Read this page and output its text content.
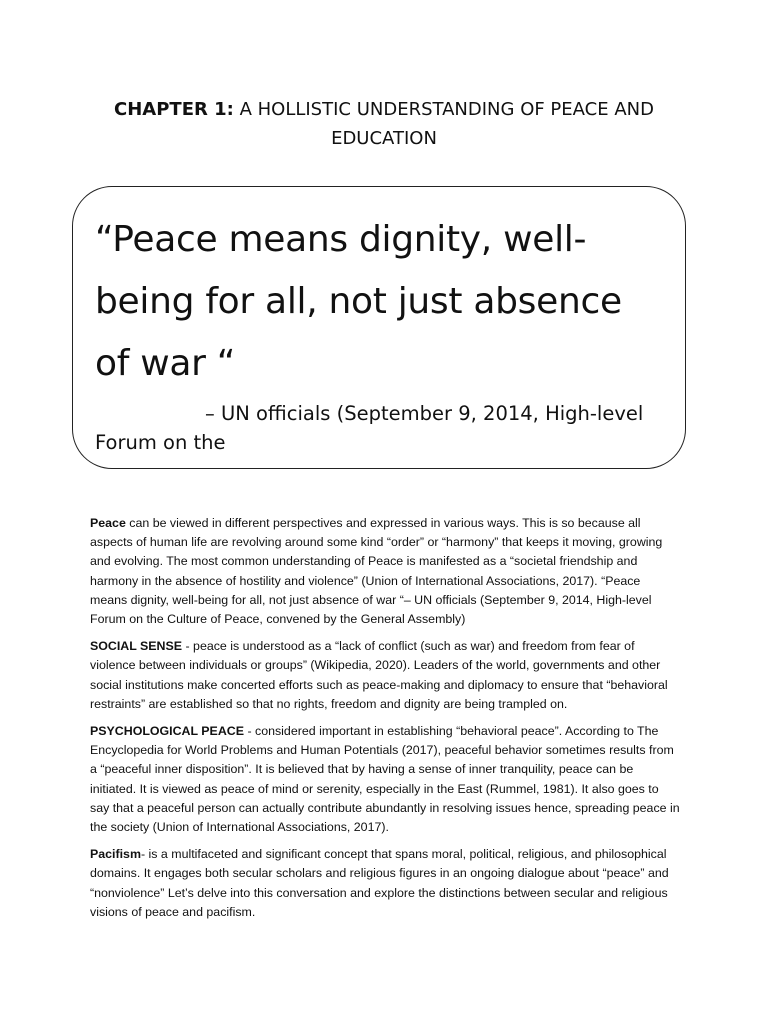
CHAPTER 1: A HOLLISTIC UNDERSTANDING OF PEACE AND EDUCATION
“Peace means dignity, well-being for all, not just absence of war “
– UN officials (September 9, 2014, High-level Forum on the

Peace can be viewed in different perspectives and expressed in various ways. This is so because all aspects of human life are revolving around some kind “order” or “harmony” that keeps it moving, growing and evolving. The most common understanding of Peace is manifested as a “societal friendship and harmony in the absence of hostility and violence” (Union of International Associations, 2017). “Peace means dignity, well-being for all, not just absence of war “– UN officials (September 9, 2014, High-level Forum on the Culture of Peace, convened by the General Assembly)

SOCIAL SENSE - peace is understood as a “lack of conflict (such as war) and freedom from fear of violence between individuals or groups” (Wikipedia, 2020). Leaders of the world, governments and other social institutions make concerted efforts such as peace-making and diplomacy to ensure that “behavioral restraints” are established so that no rights, freedom and dignity are being trampled on.

PSYCHOLOGICAL PEACE - considered important in establishing “behavioral peace”. According to The Encyclopedia for World Problems and Human Potentials (2017), peaceful behavior sometimes results from a “peaceful inner disposition”. It is believed that by having a sense of inner tranquility, peace can be initiated. It is viewed as peace of mind or serenity, especially in the East (Rummel, 1981). It also goes to say that a peaceful person can actually contribute abundantly in resolving issues hence, spreading peace in the society (Union of International Associations, 2017).

Pacifism- is a multifaceted and significant concept that spans moral, political, religious, and philosophical domains. It engages both secular scholars and religious figures in an ongoing dialogue about “peace” and “nonviolence” Let’s delve into this conversation and explore the distinctions between secular and religious visions of peace and pacifism.
